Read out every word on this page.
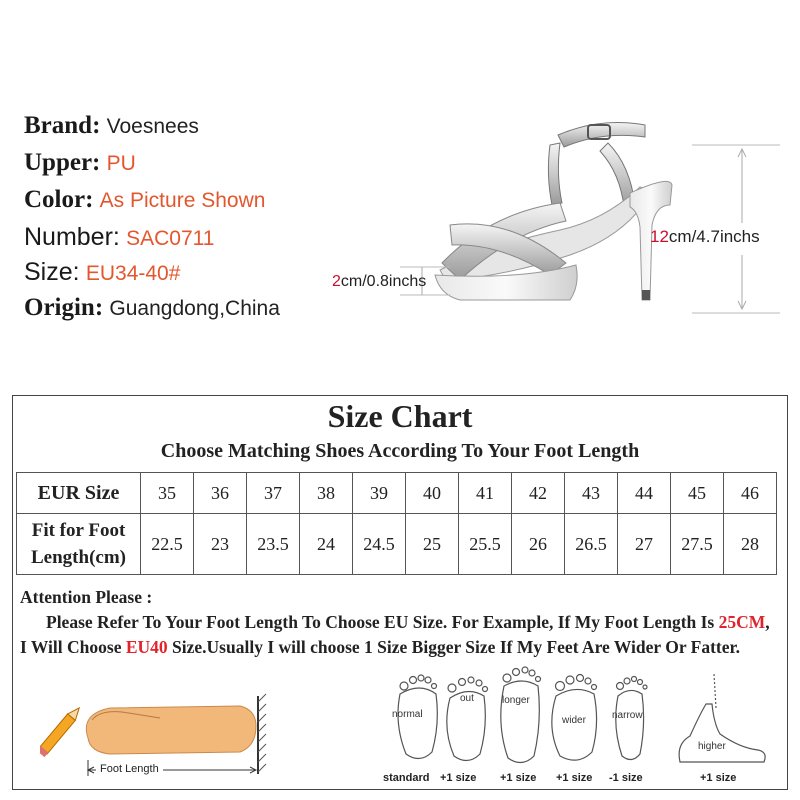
Brand: Voesnees
Upper: PU
Color: As Picture Shown
Number: SAC0711
Size: EU34-40#
Origin: Guangdong,China
12cm/4.7inchs
2cm/0.8inchs
Size Chart
Choose Matching Shoes According To Your Foot Length
EUR Size	35	36	37	38	39	40	41	42	43	44	45	46
Fit for Foot Length(cm)	22.5	23	23.5	24	24.5	25	25.5	26	26.5	27	27.5	28
Attention Please :
Please Refer To Your Foot Length To Choose EU Size. For Example, If My Foot Length Is 25CM, I Will Choose EU40 Size.Usually I will choose 1 Size Bigger Size If My Feet Are Wider Or Fatter.
Foot Length
normal
out	longer
wider	narrow
higher
standard +1 size +1 size +1 size -1 size	+1 size
